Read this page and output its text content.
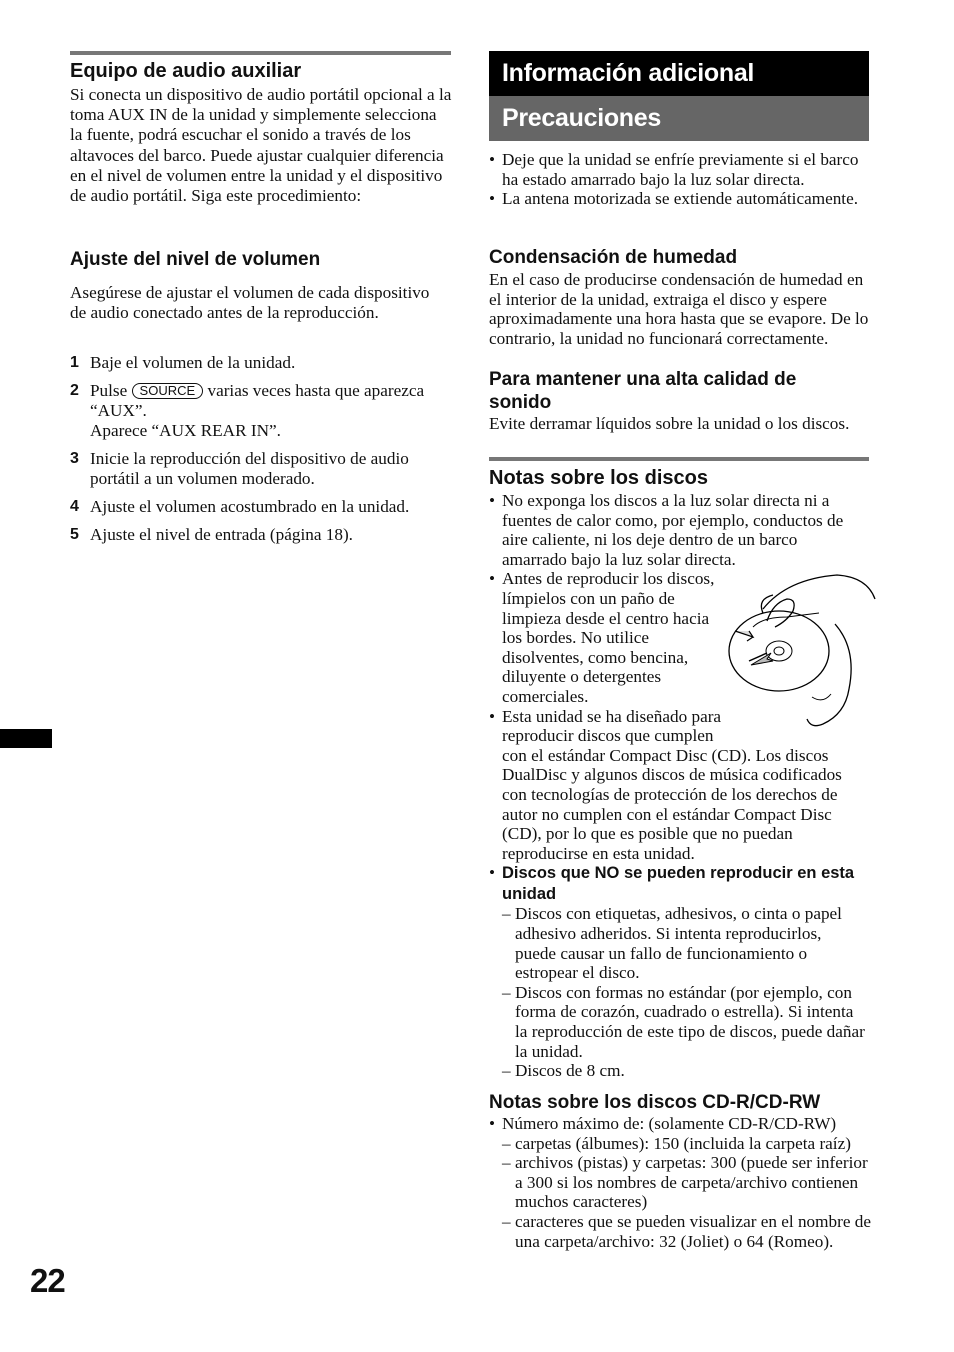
Equipo de audio auxiliar

Si conecta un dispositivo de audio portátil opcional a la toma AUX IN de la unidad y simplemente selecciona la fuente, podrá escuchar el sonido a través de los altavoces del barco. Puede ajustar cualquier diferencia en el nivel de volumen entre la unidad y el dispositivo de audio portátil. Siga este procedimiento:

Ajuste del nivel de volumen

Asegúrese de ajustar el volumen de cada dispositivo de audio conectado antes de la reproducción.

1 Baje el volumen de la unidad.
2 Pulse SOURCE varias veces hasta que aparezca “AUX”.
Aparece “AUX REAR IN”.
3 Inicie la reproducción del dispositivo de audio portátil a un volumen moderado.
4 Ajuste el volumen acostumbrado en la unidad.
5 Ajuste el nivel de entrada (página 18).
22
Información adicional
Precauciones
• Deje que la unidad se enfríe previamente si el barco ha estado amarrado bajo la luz solar directa.
• La antena motorizada se extiende automáticamente.
Condensación de humedad

En el caso de producirse condensación de humedad en el interior de la unidad, extraiga el disco y espere aproximadamente una hora hasta que se evapore. De lo contrario, la unidad no funcionará correctamente.

Para mantener una alta calidad de sonido

Evite derramar líquidos sobre la unidad o los discos.

Notas sobre los discos
• No exponga los discos a la luz solar directa ni a fuentes de calor como, por ejemplo, conductos de aire caliente, ni los deje dentro de un barco amarrado bajo la luz solar directa.
• Antes de reproducir los discos, límpielos con un paño de limpieza desde el centro hacia los bordes. No utilice disolventes, como bencina, diluyente o detergentes comerciales.
• Esta unidad se ha diseñado para reproducir discos que cumplen con el estándar Compact Disc (CD). Los discos DualDisc y algunos discos de música codificados con tecnologías de protección de los derechos de autor no cumplen con el estándar Compact Disc (CD), por lo que es posible que no puedan reproducirse en esta unidad.
• Discos que NO se pueden reproducir en esta unidad
– Discos con etiquetas, adhesivos, o cinta o papel adhesivo adheridos. Si intenta reproducirlos, puede causar un fallo de funcionamiento o estropear el disco.
– Discos con formas no estándar (por ejemplo, con forma de corazón, cuadrado o estrella). Si intenta la reproducción de este tipo de discos, puede dañar la unidad.
– Discos de 8 cm.
Notas sobre los discos CD-R/CD-RW
• Número máximo de: (solamente CD-R/CD-RW)
– carpetas (álbumes): 150 (incluida la carpeta raíz)
– archivos (pistas) y carpetas: 300 (puede ser inferior a 300 si los nombres de carpeta/archivo contienen muchos caracteres)
– caracteres que se pueden visualizar en el nombre de una carpeta/archivo: 32 (Joliet) o 64 (Romeo).
